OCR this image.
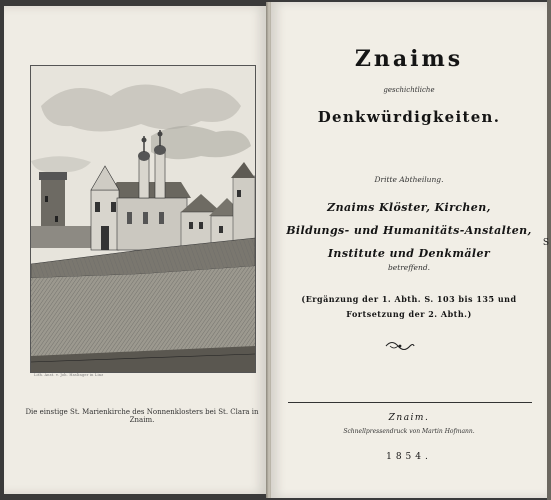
S
Lith. Anst. v. Joh. Haslinger in Linz
Die einstige St. Marienkirche des Nonnenklosters bei St. Clara in Znaim.
Znaims
geschichtliche
Denkwürdigkeiten.
Dritte Abtheilung.
Znaims Klöster, Kirchen,
Bildungs- und Humanitäts-Anstalten,
Institute und Denkmäler
betreffend.
(Ergänzung der 1. Abth. S. 103 bis 135 und
Fortsetzung der 2. Abth.)
Znaim.
Schnellpressendruck von Martin Hofmann.
1854.
